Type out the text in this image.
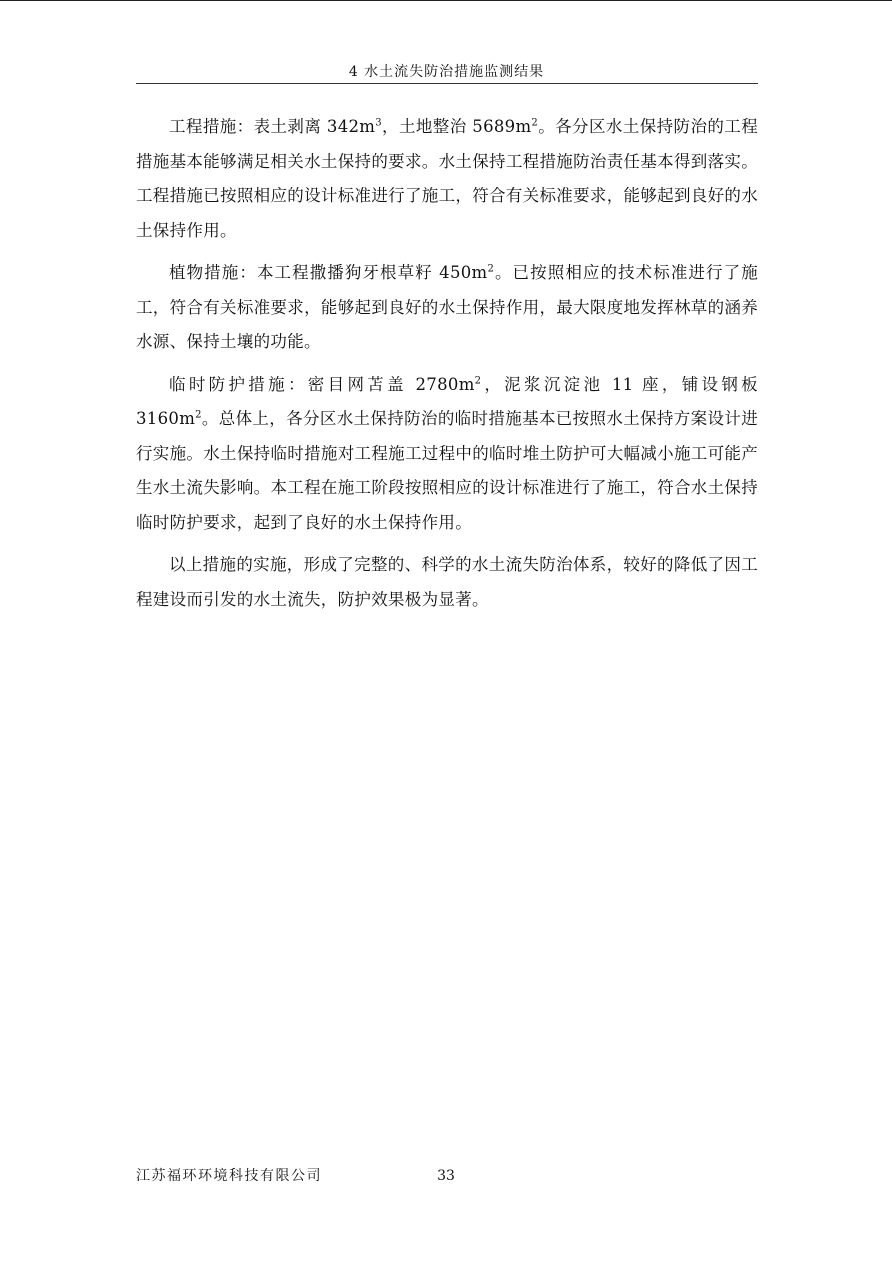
4 水土流失防治措施监测结果

工程措施：表土剥离 $342m^3$，土地整治 $5689m^2$。各分区水土保持防治的工程措施基本能够满足相关水土保持的要求。水土保持工程措施防治责任基本得到落实。工程措施已按照相应的设计标准进行了施工，符合有关标准要求，能够起到良好的水土保持作用。

植物措施：本工程撒播狗牙根草籽 $450m^2$。已按照相应的技术标准进行了施工，符合有关标准要求，能够起到良好的水土保持作用，最大限度地发挥林草的涵养水源、保持土壤的功能。

临时防护措施：密目网苫盖 $2780m^2$，泥浆沉淀池 11 座，铺设钢板 $3160m^2$。总体上，各分区水土保持防治的临时措施基本已按照水土保持方案设计进行实施。水土保持临时措施对工程施工过程中的临时堆土防护可大幅减小施工可能产生水土流失影响。本工程在施工阶段按照相应的设计标准进行了施工，符合水土保持临时防护要求，起到了良好的水土保持作用。

以上措施的实施，形成了完整的、科学的水土流失防治体系，较好的降低了因工程建设而引发的水土流失，防护效果极为显著。

江苏福环环境科技有限公司	33
